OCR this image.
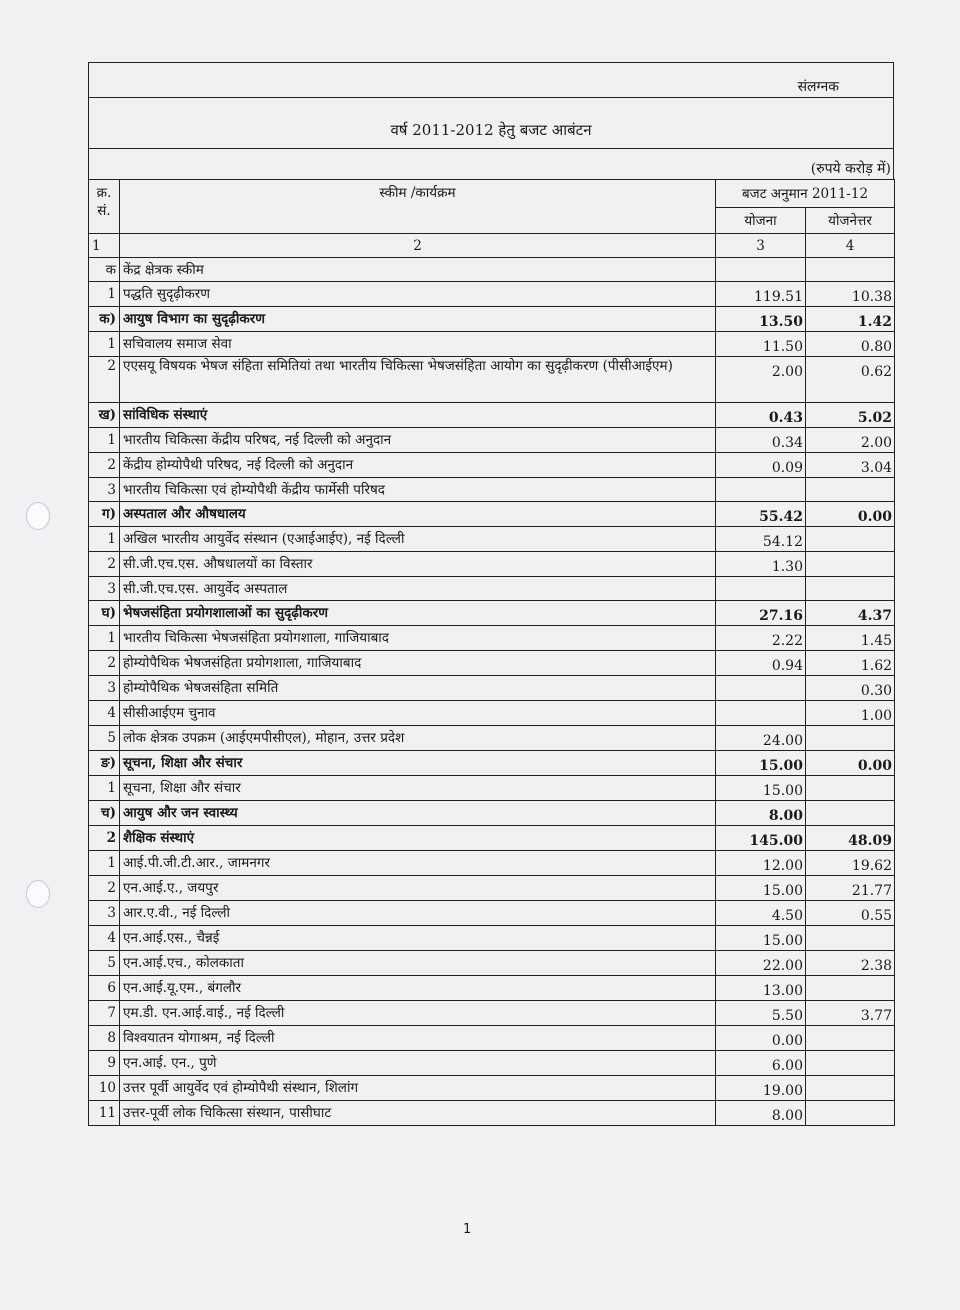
संलग्नक
वर्ष 2011-2012 हेतु बजट आबंटन
(रुपये करोड़ में)
क्र. सं.	स्कीम /कार्यक्रम	बजट अनुमान 2011-12	
		योजना	योजनेत्तर
1	2	3	4
क	केंद्र क्षेत्रक स्कीम		
1	पद्धति सुदृढ़ीकरण	119.51	10.38
क)	आयुष विभाग का सुदृढ़ीकरण	13.50	1.42
1	सचिवालय समाज सेवा	11.50	0.80
2	एएसयू विषयक भेषज संहिता समितियां तथा भारतीय चिकित्सा भेषजसंहिता आयोग का सुदृढ़ीकरण (पीसीआईएम)	2.00	0.62
ख)	सांविधिक संस्थाएं	0.43	5.02
1	भारतीय चिकित्सा केंद्रीय परिषद, नई दिल्ली को अनुदान	0.34	2.00
2	केंद्रीय होम्योपैथी परिषद, नई दिल्ली को अनुदान	0.09	3.04
3	भारतीय चिकित्सा एवं होम्योपैथी केंद्रीय फार्मेसी परिषद		
ग)	अस्पताल और औषधालय	55.42	0.00
1	अखिल भारतीय आयुर्वेद संस्थान (एआईआईए), नई दिल्ली	54.12	
2	सी.जी.एच.एस. औषधालयों का विस्तार	1.30	
3	सी.जी.एच.एस. आयुर्वेद अस्पताल		
घ)	भेषजसंहिता प्रयोगशालाओं का सुदृढ़ीकरण	27.16	4.37
1	भारतीय चिकित्सा भेषजसंहिता प्रयोगशाला, गाजियाबाद	2.22	1.45
2	होम्योपैथिक भेषजसंहिता प्रयोगशाला, गाजियाबाद	0.94	1.62
3	होम्योपैथिक भेषजसंहिता समिति		0.30
4	सीसीआईएम चुनाव		1.00
5	लोक क्षेत्रक उपक्रम (आईएमपीसीएल), मोहान, उत्तर प्रदेश	24.00	
ङ)	सूचना, शिक्षा और संचार	15.00	0.00
1	सूचना, शिक्षा और संचार	15.00	
च)	आयुष और जन स्वास्थ्य	8.00	
2	शैक्षिक संस्थाएं	145.00	48.09
1	आई.पी.जी.टी.आर., जामनगर	12.00	19.62
2	एन.आई.ए., जयपुर	15.00	21.77
3	आर.ए.वी., नई दिल्ली	4.50	0.55
4	एन.आई.एस., चैन्नई	15.00	
5	एन.आई.एच., कोलकाता	22.00	2.38
6	एन.आई.यू.एम., बंगलौर	13.00	
7	एम.डी. एन.आई.वाई., नई दिल्ली	5.50	3.77
8	विश्वयातन योगाश्रम, नई दिल्ली	0.00	
9	एन.आई. एन., पुणे	6.00	
10	उत्तर पूर्वी आयुर्वेद एवं होम्योपैथी संस्थान, शिलांग	19.00	
11	उत्तर-पूर्वी लोक चिकित्सा संस्थान, पासीघाट	8.00	
1
